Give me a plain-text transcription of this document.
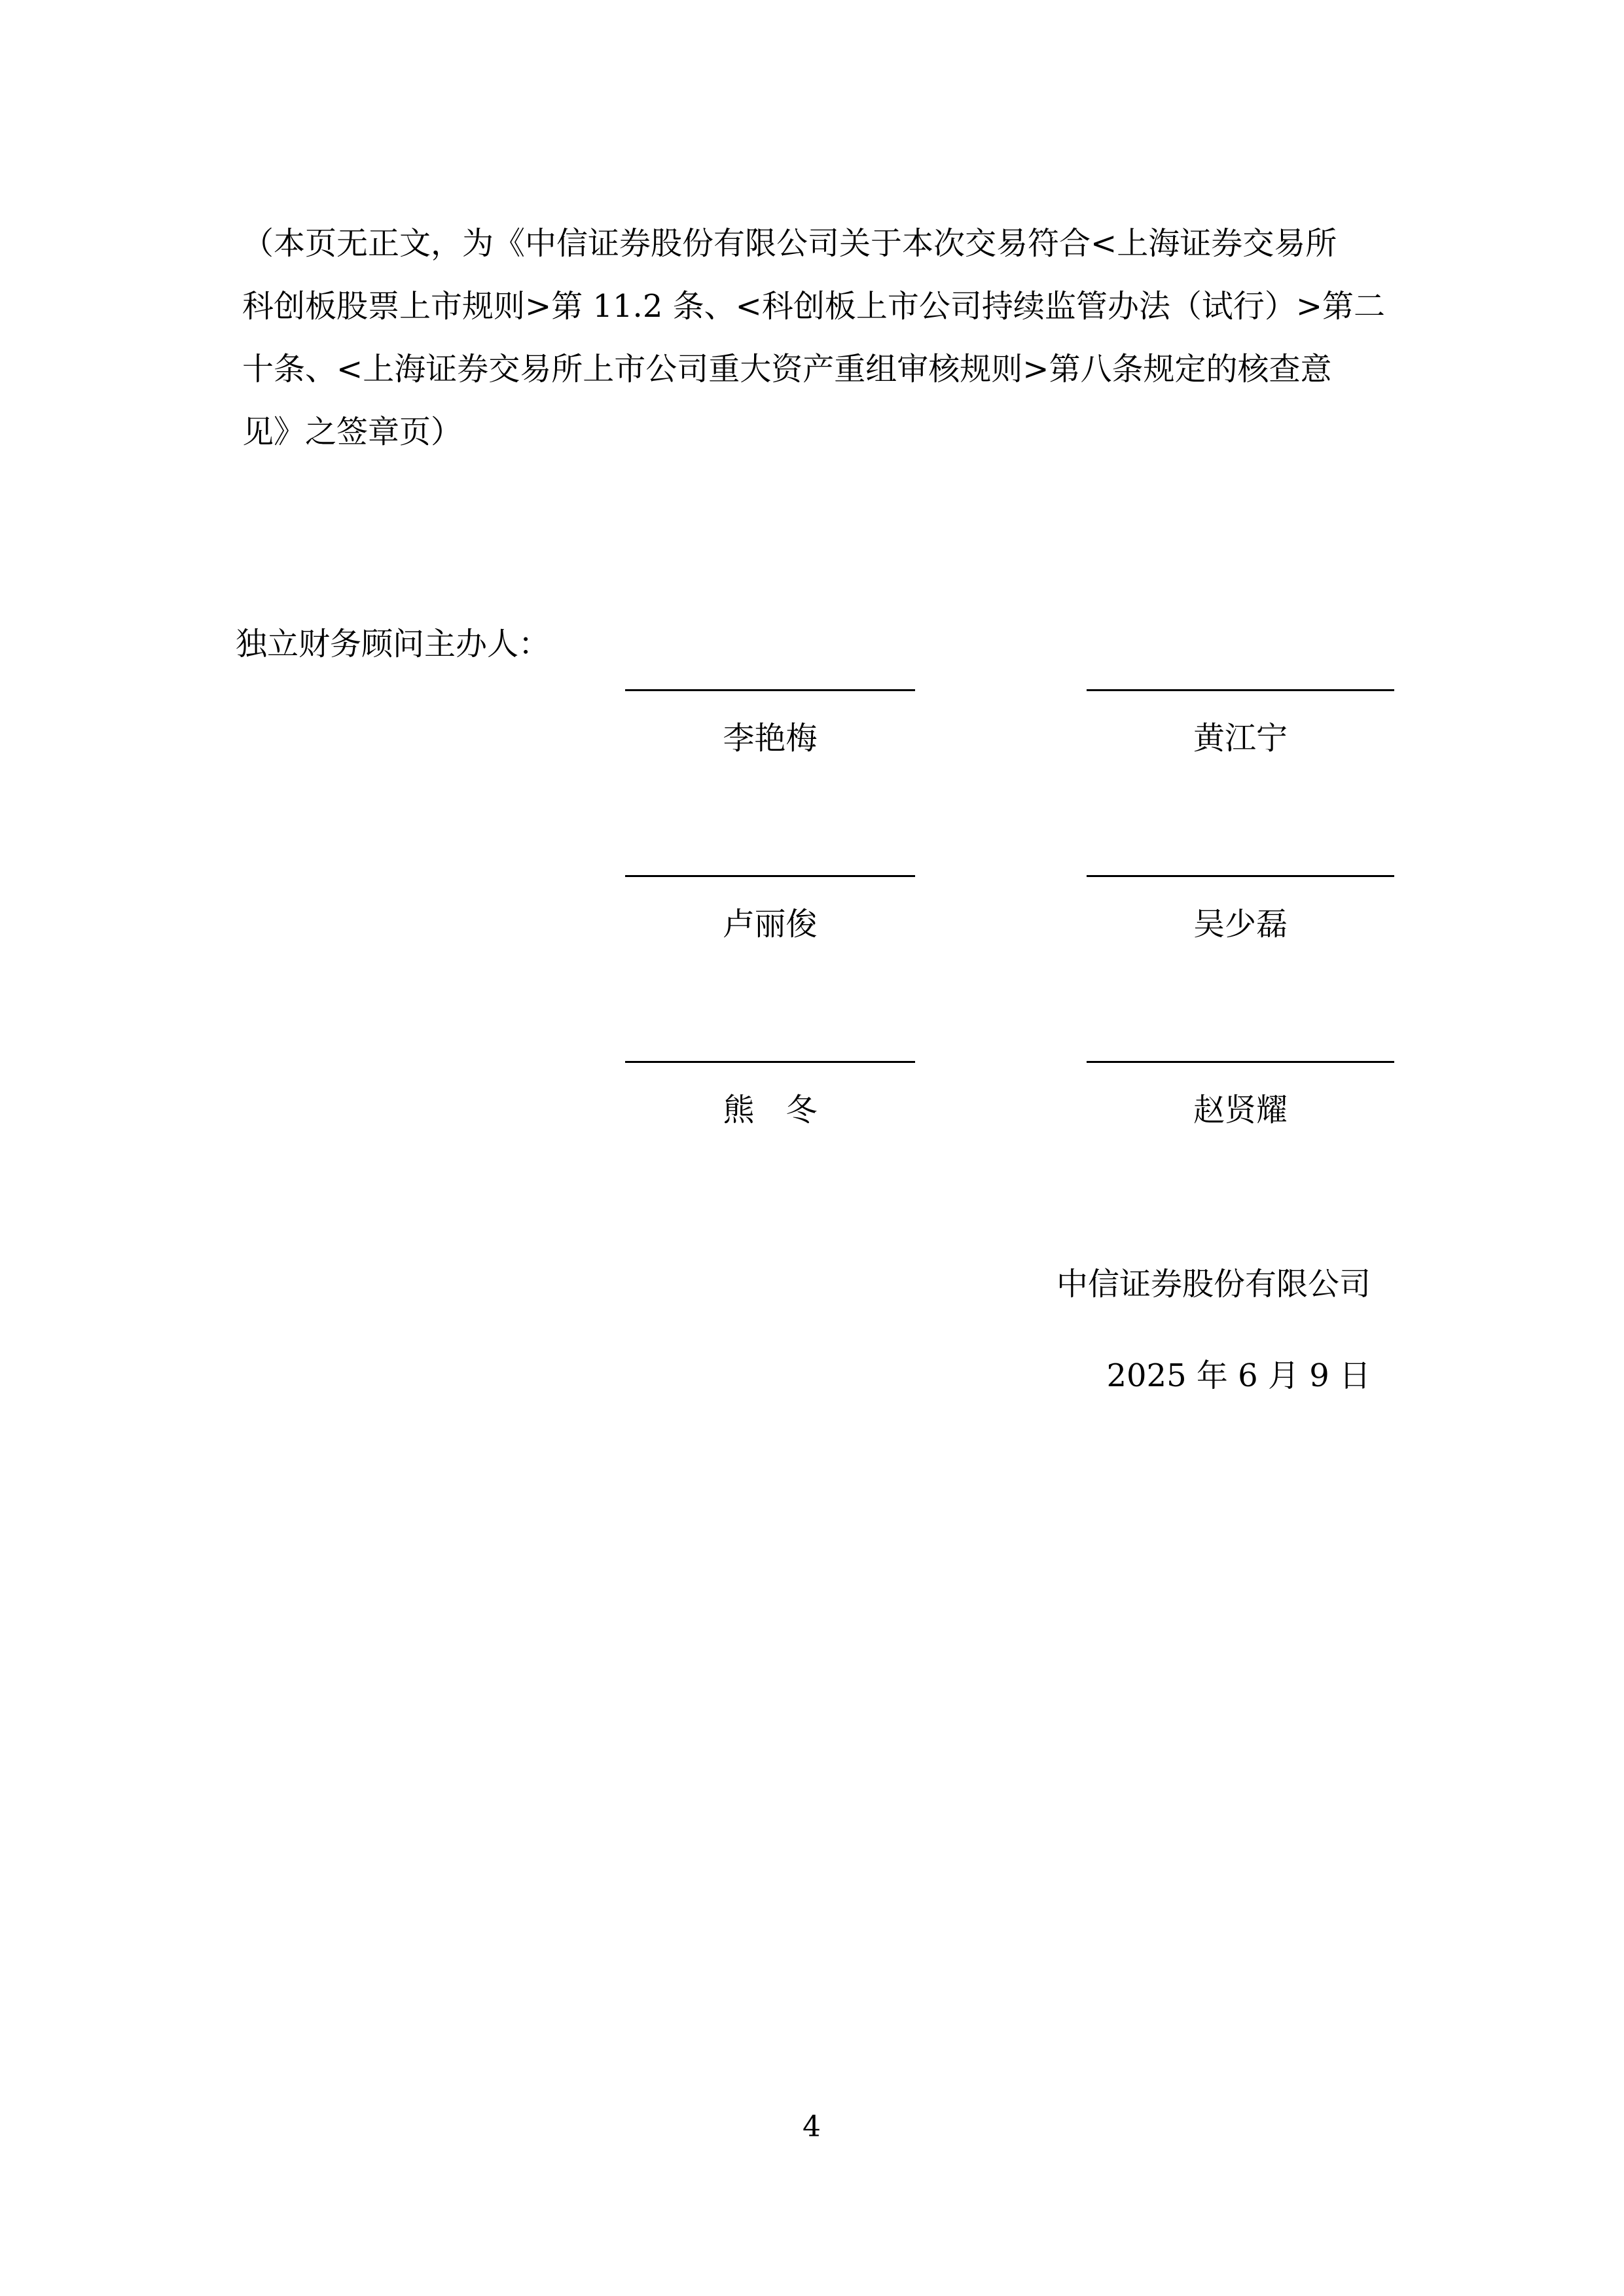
（本页无正文，为《中信证券股份有限公司关于本次交易符合<上海证券交易所
科创板股票上市规则>第 11.2 条、<科创板上市公司持续监管办法（试行）>第二
十条、<上海证券交易所上市公司重大资产重组审核规则>第八条规定的核查意
见》之签章页）
独立财务顾问主办人：
李艳梅	黄江宁
卢丽俊	吴少磊
熊　冬	赵贤耀
中信证券股份有限公司
2025 年 6 月 9 日
4
